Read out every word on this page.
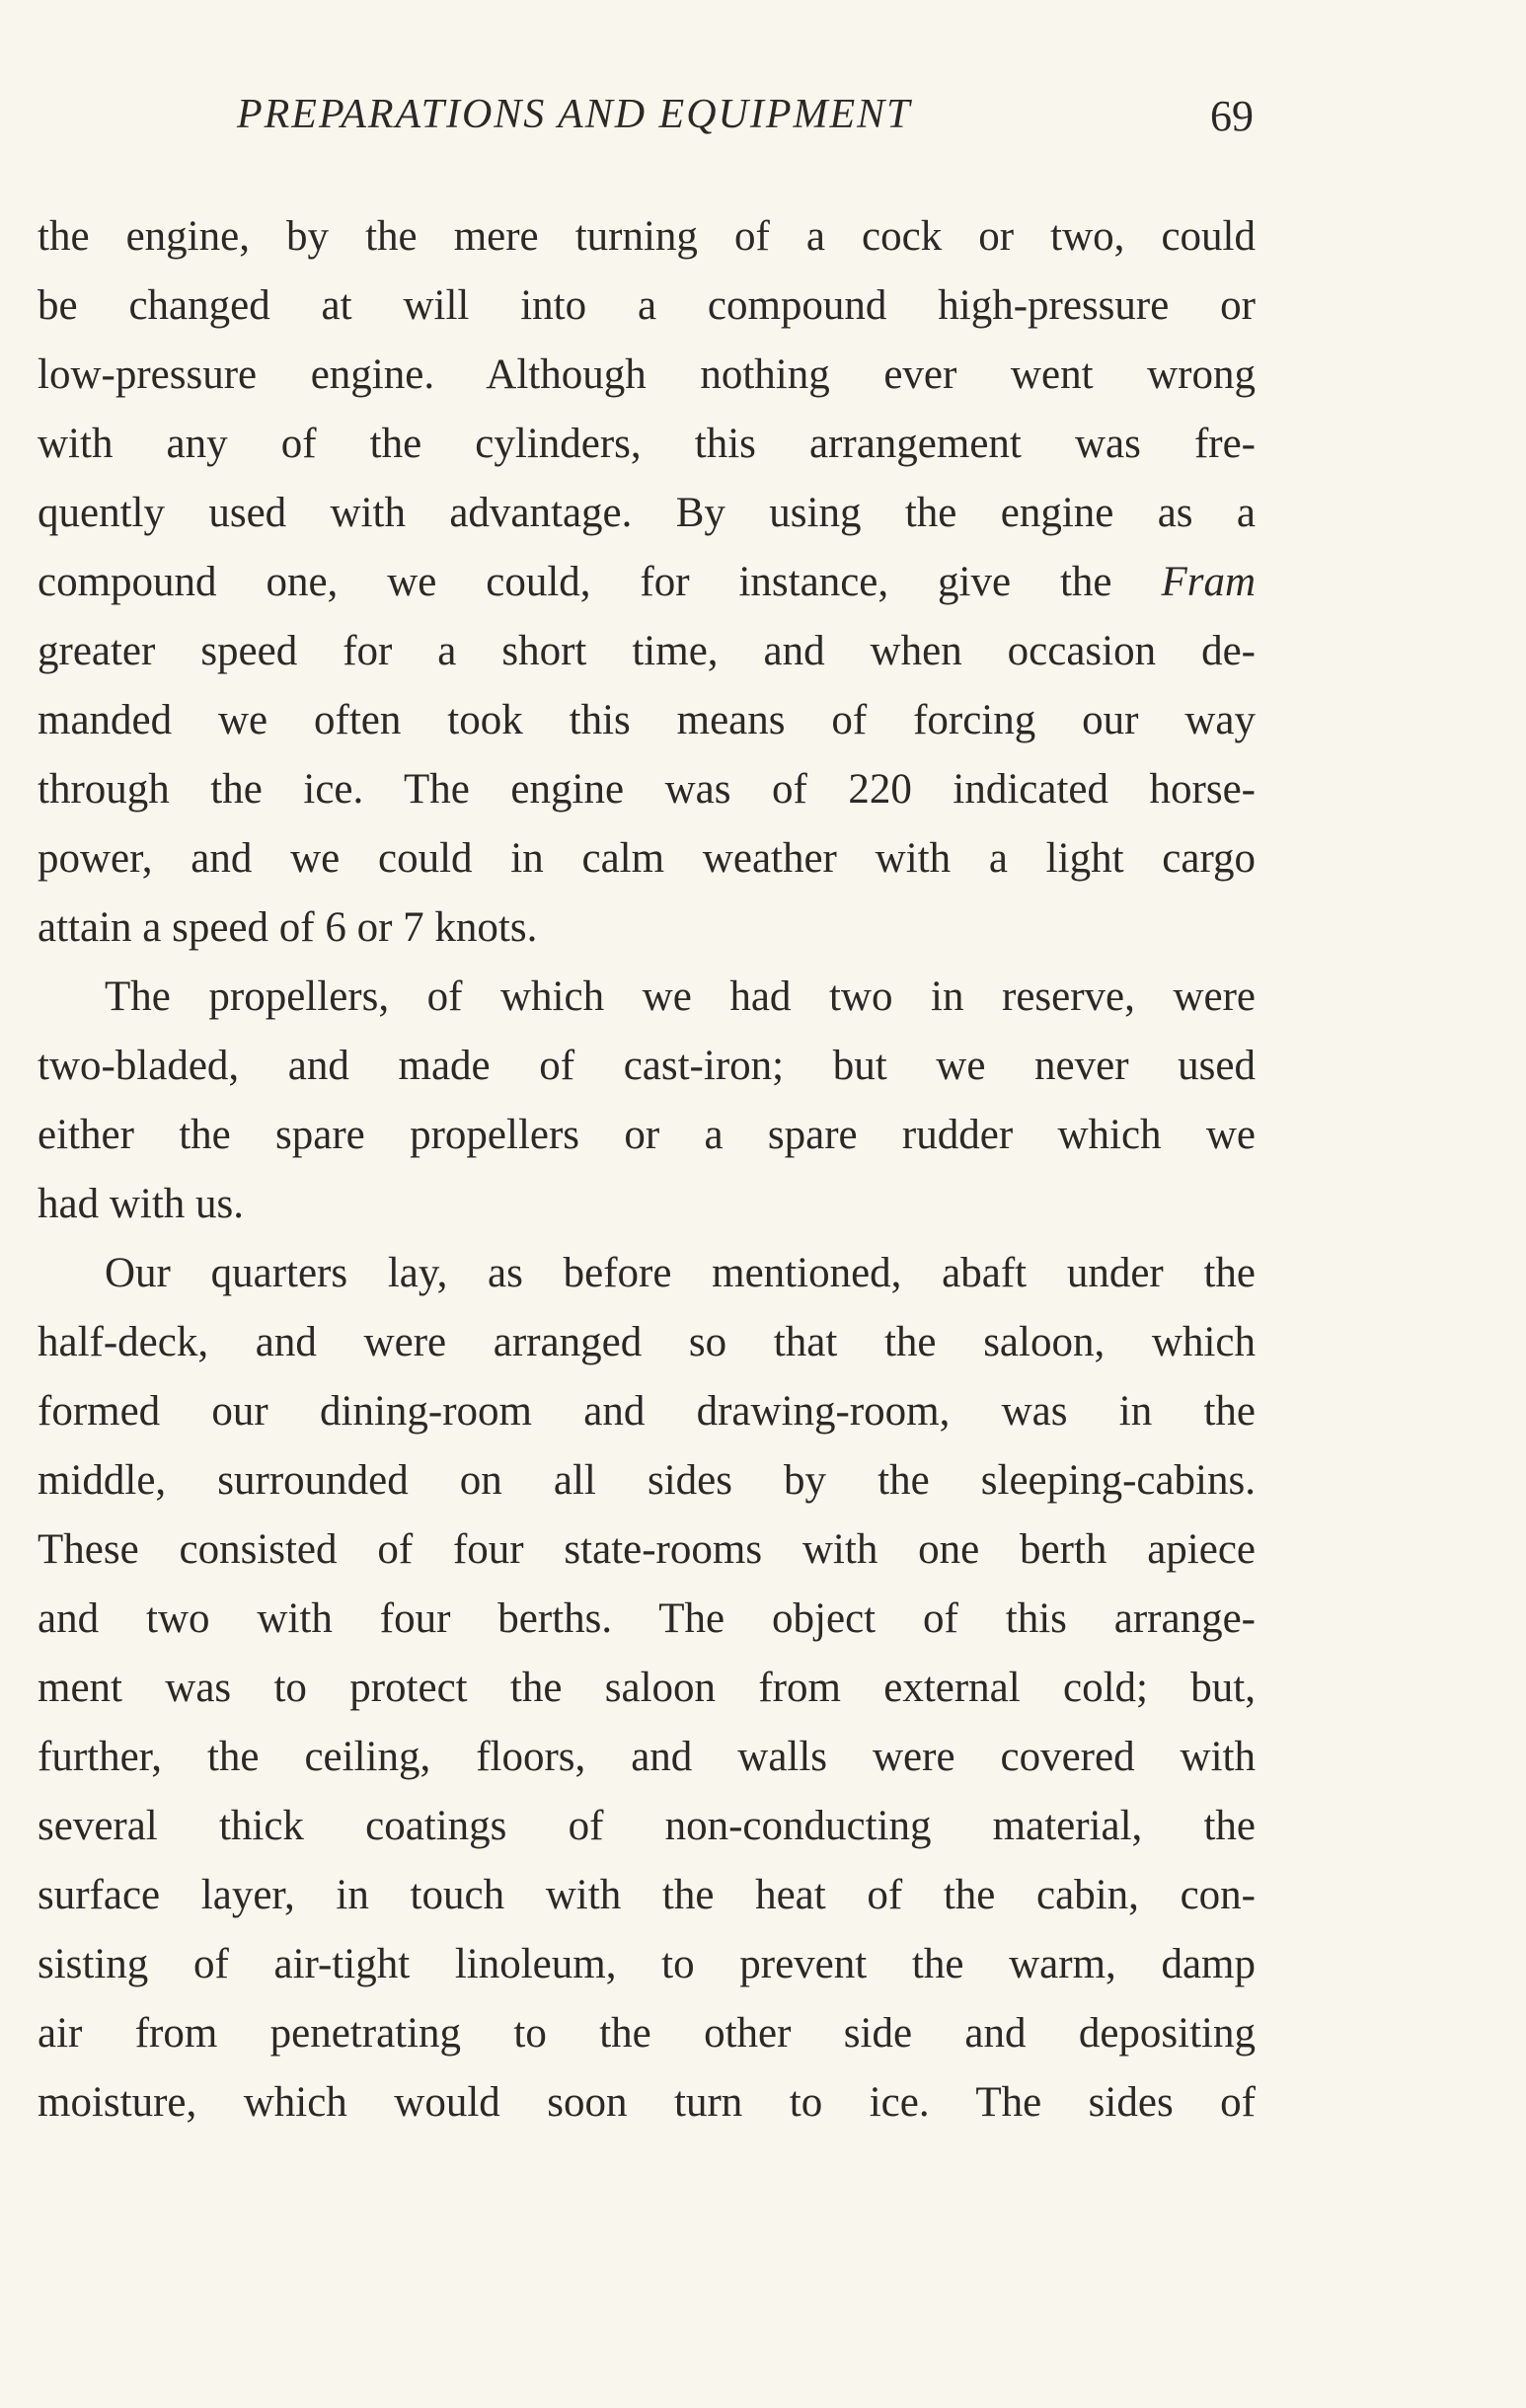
PREPARATIONS AND EQUIPMENT	69
the engine, by the mere turning of a cock or two, could
be changed at will into a compound high-pressure or
low-pressure engine. Although nothing ever went wrong
with any of the cylinders, this arrangement was fre-
quently used with advantage. By using the engine as a
compound one, we could, for instance, give the Fram
greater speed for a short time, and when occasion de-
manded we often took this means of forcing our way
through the ice. The engine was of 220 indicated horse-
power, and we could in calm weather with a light cargo
attain a speed of 6 or 7 knots.
The propellers, of which we had two in reserve, were
two-bladed, and made of cast-iron; but we never used
either the spare propellers or a spare rudder which we
had with us.
Our quarters lay, as before mentioned, abaft under the
half-deck, and were arranged so that the saloon, which
formed our dining-room and drawing-room, was in the
middle, surrounded on all sides by the sleeping-cabins.
These consisted of four state-rooms with one berth apiece
and two with four berths. The object of this arrange-
ment was to protect the saloon from external cold; but,
further, the ceiling, floors, and walls were covered with
several thick coatings of non-conducting material, the
surface layer, in touch with the heat of the cabin, con-
sisting of air-tight linoleum, to prevent the warm, damp
air from penetrating to the other side and depositing
moisture, which would soon turn to ice. The sides of
